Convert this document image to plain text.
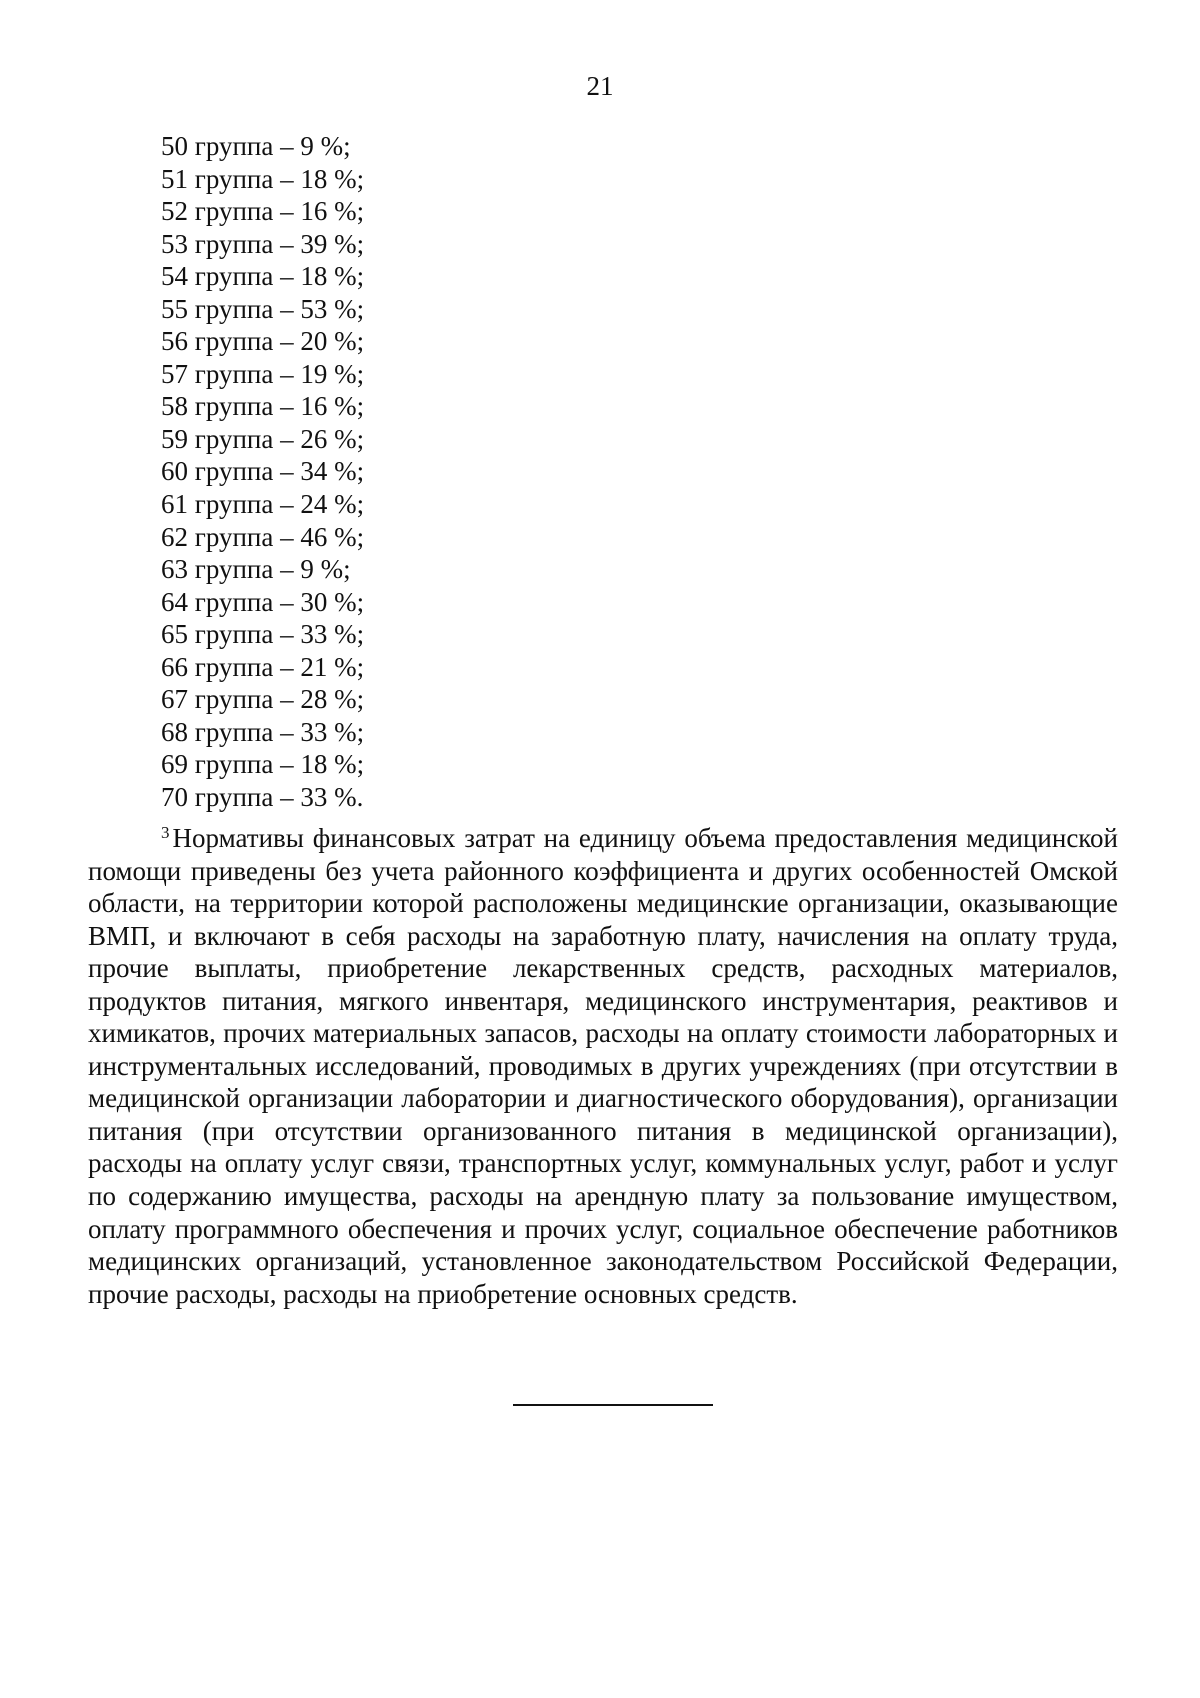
21
50 группа – 9 %;
51 группа – 18 %;
52 группа – 16 %;
53 группа – 39 %;
54 группа – 18 %;
55 группа – 53 %;
56 группа – 20 %;
57 группа – 19 %;
58 группа – 16 %;
59 группа – 26 %;
60 группа – 34 %;
61 группа – 24 %;
62 группа – 46 %;
63 группа – 9 %;
64 группа – 30 %;
65 группа – 33 %;
66 группа – 21 %;
67 группа – 28 %;
68 группа – 33 %;
69 группа – 18 %;
70 группа – 33 %.

$^3$ Нормативы финансовых затрат на единицу объема предоставления медицинской помощи приведены без учета районного коэффициента и других особенностей Омской области, на территории которой расположены медицинские организации, оказывающие ВМП, и включают в себя расходы на заработную плату, начисления на оплату труда, прочие выплаты, приобретение лекарственных средств, расходных материалов, продуктов питания, мягкого инвентаря, медицинского инструментария, реактивов и химикатов, прочих материальных запасов, расходы на оплату стоимости лабораторных и инструментальных исследований, проводимых в других учреждениях (при отсутствии в медицинской организации лаборатории и диагностического оборудования), организации питания (при отсутствии организованного питания в медицинской организации), расходы на оплату услуг связи, транспортных услуг, коммунальных услуг, работ и услуг по содержанию имущества, расходы на арендную плату за пользование имуществом, оплату программного обеспечения и прочих услуг, социальное обеспечение работников медицинских организаций, установленное законодательством Российской Федерации, прочие расходы, расходы на приобретение основных средств.
